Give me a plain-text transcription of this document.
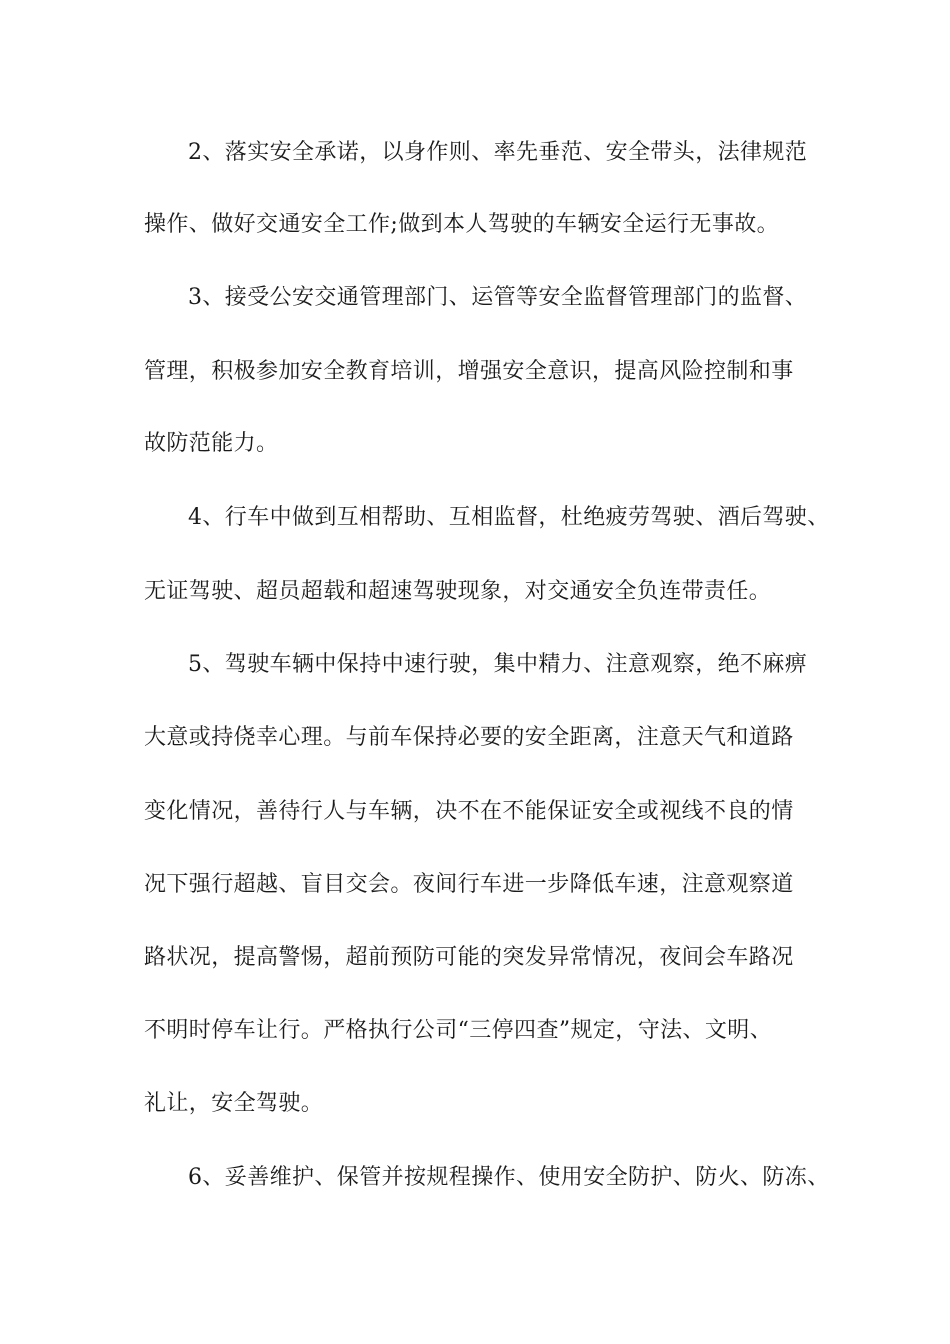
2、落实安全承诺，以身作则、率先垂范、安全带头，法律规范
操作、做好交通安全工作;做到本人驾驶的车辆安全运行无事故。
3、接受公安交通管理部门、运管等安全监督管理部门的监督、
管理，积极参加安全教育培训，增强安全意识，提高风险控制和事
故防范能力。
4、行车中做到互相帮助、互相监督，杜绝疲劳驾驶、酒后驾驶、
无证驾驶、超员超载和超速驾驶现象，对交通安全负连带责任。
5、驾驶车辆中保持中速行驶，集中精力、注意观察，绝不麻痹
大意或持侥幸心理。与前车保持必要的安全距离，注意天气和道路
变化情况，善待行人与车辆，决不在不能保证安全或视线不良的情
况下强行超越、盲目交会。夜间行车进一步降低车速，注意观察道
路状况，提高警惕，超前预防可能的突发异常情况，夜间会车路况
不明时停车让行。严格执行公司“三停四查”规定，守法、文明、
礼让，安全驾驶。
6、妥善维护、保管并按规程操作、使用安全防护、防火、防冻、
